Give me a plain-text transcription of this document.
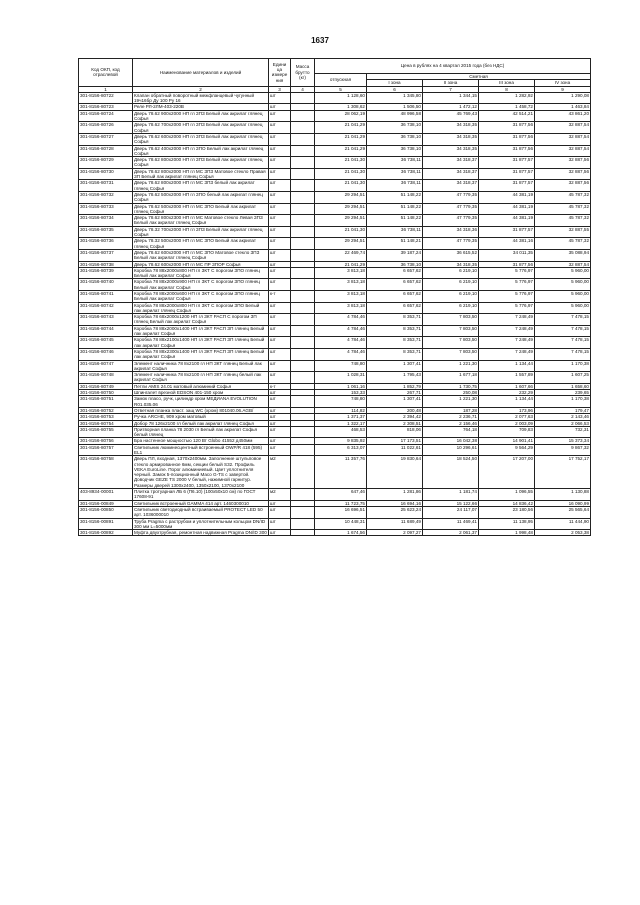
1637
Код ОКП, код отраслевой	Наименование материалов и изделий	Едини ца измере ния	Масса брутто (кг)	Цена в рублях на 4 квартал 2015 года (без НДС)				
				отпускная	Сметная			
					I зона	II зона	III зона	IV зона
1	2	3	4	5	6	7	8	9
301-8156-80722	Клапан обратный поворотный межфланцевый чугунный 19ч16бр Ду 100 Ру 16	шт		1 128,60	1 345,80	1 344,15	1 282,92	1 290,08
301-8156-80723	Реле РЛ-2ЛМ-403-220В	шт		1 308,62	1 506,50	1 472,12	1 458,72	1 463,84
301-8156-80724	Дверь 78.62 900x2000 НП гл ЗПЗ Белый лак акрилат глянец Софья	шт		28 062,19	48 996,58	45 769,43	42 514,21	43 861,20
301-8156-80726	Дверь 78.62 700x2000 НП гл ЗПЗ Белый лак акрилат глянец Софья	шт		21 041,29	36 738,10	34 318,35	31 877,56	32 887,54
301-8156-80727	Дверь 78.62 600x2000 НП гл ЗПЗ Белый лак акрилат глянец Софья	шт		21 041,29	36 738,10	34 318,35	31 877,56	32 887,54
301-8156-80728	Дверь 78.62 400x2000 НП гл ЗПО Белый лак акрилат глянец Софья	шт		21 041,29	36 738,10	34 318,35	31 877,56	32 887,54
301-8156-80729	Дверь 78.62 800x2000 НП гл ЗПЗ Белый лак акрилат глянец Софья	шт		21 041,30	36 738,11	34 318,37	31 877,57	32 887,56
301-8156-80730	Дверь 78.62 800x2000 НП гл МС ЗПЗ Матовое стекло Правая ЗП Белый лак акрилат глянец Софья	шт		21 041,30	36 738,11	34 318,37	31 877,57	32 887,56
301-8156-80731	Дверь 78.62 800x2000 НП гл МС ЗПЗ белый лак акрилат глянец Софья	шт		21 041,30	36 738,11	34 318,37	31 877,57	32 887,56
301-8156-80732	Дверь 78.62 500x2000 НП гл ЗПО белый лак акрилат глянец Софья	шт		29 294,51	51 148,22	47 779,35	44 381,19	45 787,32
301-8156-80733	Дверь 78.62 500x2000 НП гл МС ЗПО Белый лак акрилат глянец Софья	шт		29 294,51	51 148,22	47 779,35	44 381,19	45 787,32
301-8156-80734	Дверь 78.62 800x2300 НП гл МС Матовое стекло Левая ЗПЗ Белый лак акрилат глянец Софья	шт		29 294,51	51 148,22	47 779,35	44 381,19	45 787,32
301-8156-80735	Дверь 78.32 700x2000 НП гл ЗПЗ Белый лак акрилат глянец Софья	шт		21 041,30	36 738,11	34 318,36	31 877,57	32 887,55
301-8156-80736	Дверь 78.32 500x2000 НП гл МС ЗПО Белый лак акрилат глянец Софья	шт		29 294,51	51 148,21	47 779,35	44 381,16	45 787,32
301-8156-80737	Дверь 78.62 600x2000 НП гл МС ЗПО Матовое стекло ЗПЗ Белый лак акрилат глянец Софья	шт		22 469,74	39 187,24	36 615,52	34 011,35	35 088,94
301-8156-80738	Дверь 78.62 600x2000 НП гл МС ПР ЗПОР Софья	шт		21 041,29	36 738,10	34 318,35	31 877,56	32 887,54
301-8156-80739	Коробка 78 88x2000x800 НП гл ЗКТ С порогом ЗПО глянец Белый лак акрилат Софья	шт		3 813,18	6 657,62	6 219,10	5 776,97	5 960,00
301-8156-80740	Коробка 78 88x2000x900 НП гл ЗКТ С порогом ЗПО глянец Белый лак акрилат Софья	шт		3 813,18	6 657,62	6 219,10	5 776,97	5 960,00
301-8156-80741	Коробка 78 88x2000x600 НП гл ЗКТ С порогом ЗПО глянец Белый лак акрилат Софья	к-т		3 813,18	6 657,62	6 219,10	5 776,97	5 960,00
301-8156-80742	Коробка 78 88x2000x800 НП гл ЗКТ С порогом ЗПО Белый лак акрилат глянец Софья	шт		3 813,18	6 657,62	6 219,10	5 776,97	5 960,00
301-8156-80743	Коробка 78 68x2000x1200 НП гл ЗКТ РАСП С порогом ЗП глянец Белый лак акрилат Софья	шт		4 784,46	8 353,71	7 803,50	7 248,49	7 478,15
301-8156-80744	Коробка 78 88x2000x1400 НП гл ЗКТ РАСП ЗП глянец Белый лак акрилат Софья	шт		4 784,46	8 353,71	7 803,50	7 248,49	7 478,15
301-8156-80745	Коробка 78 88x2100x1400 НП гл ЗКТ РАСП ЗП глянец Белый лак акрилат Софья	шт		4 784,46	8 353,71	7 803,50	7 248,49	7 478,15
301-8156-80746	Коробка 78 88x2300x1400 НП гл ЗКТ РАСП ЗП глянец Белый лак акрилат Софья	шт		4 784,46	8 353,71	7 803,50	7 248,49	7 478,15
301-8156-80747	Элемент наличника 78 8x2100 гл НП ЗКТ глянец Белый лак акрилат Софья	шт		748,80	1 307,41	1 221,30	1 134,44	1 170,38
301-8156-80748	Элемент наличника 78 8x2100 гл НП ЗКТ глянец белый лак акрилат Софья	шт		1 028,31	1 795,43	1 677,18	1 557,89	1 607,25
301-8156-80749	Петли AMIS 24.01 матовый алюминий Софья	к-т		1 061,16	1 852,79	1 730,75	1 607,66	1 658,60
301-8156-80750	Шпингалет врезной EDSON 401-150 хром	шт		153,33	267,71	250,08	232,29	239,65
301-8156-80751	Замок плаco, ручк, цилиндр хром МЕДИАNA EVOLUTION R01.035.06	шт		748,80	1 307,41	1 221,30	1 134,44	1 170,38
301-8156-80752	Ответная планка пласт. защ WC (хром) 801040.06.AGB/	шт		114,82	200,48	187,28	173,96	179,47
301-8156-80753	Ручка ARCHE, 909 хром матовый	шт		1 371,37	2 394,42	2 236,71	2 077,63	2 143,46
301-8156-80754	Добор 78 126x2100 гл белый лак акрилат глянец Софья	шт		1 322,17	2 308,51	2 156,46	2 003,09	2 066,53
301-8156-80755	Притворная планка 78 2030 гл Белый лак акрилат Софья белый глянец	шт		468,53	818,06	764,18	709,83	732,31
301-8156-80756	Бра настенное мощностью 120 Вт Globo 41552 д450мм	шт		9 835,92	17 173,51	16 042,38	14 901,41	15 373,34
301-8156-80757	Светильник люминесцентный встроенный OWP/R 418 (595) EL1	шт		6 313,07	11 022,61	10 296,61	9 564,29	9 867,32
301-8156-80758	Дверь ПЛ, входная, 1370x2400мм. Заполнение штульповое стекло армированное 6мм, секции белый S32. Профиль VEKA EuroLine. Порог алюминиевый. Цвет уплотнителя черный. Замок 5-позиционный Maco G-TS с завертой. Доводчик GEZE TS 2000 V белый, нажимной гарнитур. Размеры дверей 1300x2400, 1350x2100, 1370x2100	м2		11 357,76	19 830,64	18 524,50	17 207,00	17 752,17
403-8934-00001	Плитка тротуарная ЛБ 6 (П6.10) (100x50x10 см) по ГОСТ 17608-91	м2		647,46	1 281,86	1 181,74	1 096,55	1 130,88
301-8156-00849	Светильник встроенный GAMMA 414 арт. 1460300010	шт		11 723,75	16 694,16	15 122,66	14 836,42	16 090,99
301-8156-00850	Светильник светодиодный встраиваемый PROTECT LED 50 арт. 1036000010	шт		16 696,51	25 623,24	24 117,07	23 180,56	25 565,64
301-8156-00891	Труба Pragma с раструбом и уплотнительным кольцом DN/ID 300 мм L=5000мм	шт		10 448,31	11 689,49	11 469,41	11 138,95	11 444,90
301-8156-00892	Муфта двухтрубная, ремонтная надвижная Pragma DN/ID 300	шт		1 674,56	2 097,27	2 061,37	1 998,48	2 053,38
